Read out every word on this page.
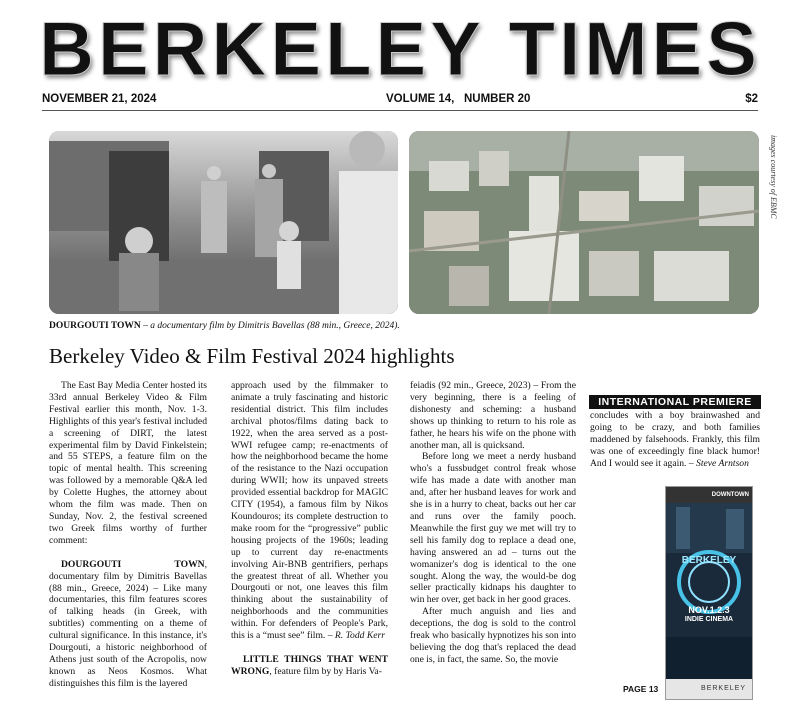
BERKELEY TIMES
NOVEMBER 21, 2024	VOLUME 14, NUMBER 20	$2
images courtesy of EBMC
DOURGOUTI TOWN – a documentary film by Dimitris Bavellas (88 min., Greece, 2024).
Berkeley Video & Film Festival 2024 highlights

The East Bay Media Center hosted its 33rd annual Berkeley Video & Film Festival earlier this month, Nov. 1-3. Highlights of this year's festival included a screening of DIRT, the latest experimental film by David Finkelstein; and 55 STEPS, a feature film on the topic of mental health. This screening was followed by a memorable Q&A led by Colette Hughes, the attorney about whom the film was made. Then on Sunday, Nov. 2, the festival screened two Greek films worthy of further comment:

DOURGOUTI TOWN, documentary film by Dimitris Bavellas (88 min., Greece, 2024) – Like many documentaries, this film features scores of talking heads (in Greek, with subtitles) commenting on a theme of cultural significance. In this instance, it's Dourgouti, a historic neighborhood of Athens just south of the Acropolis, now known as Neos Kosmos. What distinguishes this film is the layered

approach used by the filmmaker to animate a truly fascinating and historic residential district. This film includes archival photos/films dating back to 1922, when the area served as a post-WWI refugee camp; re-enactments of how the neighborhood became the home of the resistance to the Nazi occupation during WWII; how its unpaved streets provided essential backdrop for MAGIC CITY (1954), a famous film by Nikos Koundouros; its complete destruction to make room for the “progressive” public housing projects of the 1960s; leading up to current day re-enactments involving Air-BNB gentrifiers, perhaps the greatest threat of all. Whether you Dourgouti or not, one leaves this film thinking about the sustainability of neighborhoods and the communities within. For defenders of People's Park, this is a “must see” film. – R. Todd Kerr

LITTLE THINGS THAT WENT WRONG, feature film by by Haris Va-

feiadis (92 min., Greece, 2023) – From the very beginning, there is a feeling of dishonesty and scheming: a husband shows up thinking to return to his role as father, he hears his wife on the phone with another man, all is quicksand.

Before long we meet a nerdy husband who's a fussbudget control freak whose wife has made a date with another man and, after her husband leaves for work and she is in a hurry to cheat, backs out her car and runs over the family pooch. Meanwhile the first guy we met will try to sell his family dog to replace a dead one, having answered an ad – turns out the womanizer's dog is identical to the one sought. Along the way, the would-be dog seller practically kidnaps his daughter to win her over, get back in her good graces.

After much anguish and lies and deceptions, the dog is sold to the control freak who basically hypnotizes his son into believing the dog that's replaced the dead one is, in fact, the same. So, the movie

INTERNATIONAL PREMIERE

concludes with a boy brainwashed and going to be crazy, and both families maddened by falsehoods. Frankly, this film was one of exceedingly fine black humor! And I would see it again. – Steve Arntson

DOWNTOWN
BERKELEY
NOV.1.2.3
INDIE CINEMA
BERKELEY
PAGE 13
